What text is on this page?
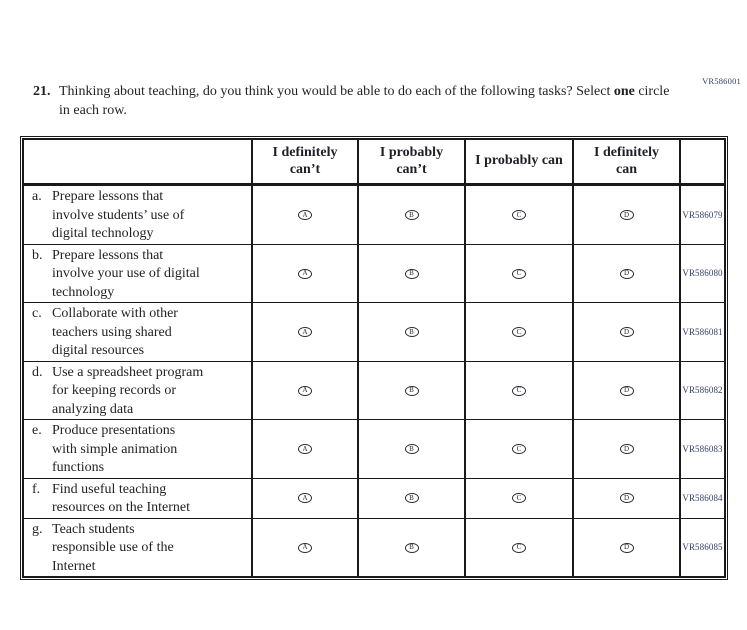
VR586001
21. Thinking about teaching, do you think you would be able to do each of the following tasks? Select one circle in each row.
	I definitely can’t	I probably can’t	I probably can	I definitely can	

a. Prepare lessons that
involve students’ use of
digital technology	A	B	C	D	VR586079

b. Prepare lessons that
involve your use of digital
technology	A	B	C	D	VR586080

c. Collaborate with other
teachers using shared
digital resources	A	B	C	D	VR586081

d. Use a spreadsheet program
for keeping records or
analyzing data	A	B	C	D	VR586082

e. Produce presentations
with simple animation
functions	A	B	C	D	VR586083

f. Find useful teaching
resources on the Internet	A	B	C	D	VR586084

g. Teach students
responsible use of the
Internet	A	B	C	D	VR586085
